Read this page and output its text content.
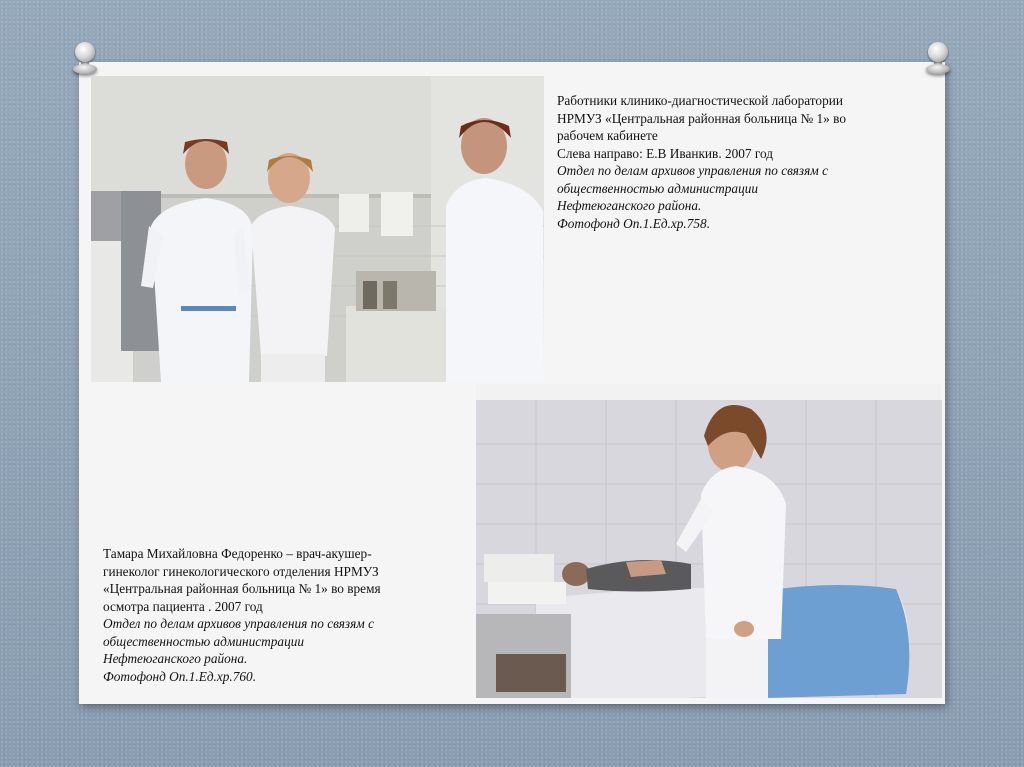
Работники клинико-диагностической лаборатории
НРМУЗ «Центральная районная больница № 1» во
рабочем кабинете
Слева направо: Е.В Иванкив. 2007 год
Отдел по делам архивов управления по связям с
общественностью администрации
Нефтеюганского района.
Фотофонд Оп.1.Ед.хр.758.
Тамара Михайловна Федоренко – врач-акушер-
гинеколог гинекологического отделения НРМУЗ
«Центральная районная больница № 1» во время
осмотра пациента . 2007 год
Отдел по делам архивов управления по связям с
общественностью администрации
Нефтеюганского района.
Фотофонд Оп.1.Ед.хр.760.
